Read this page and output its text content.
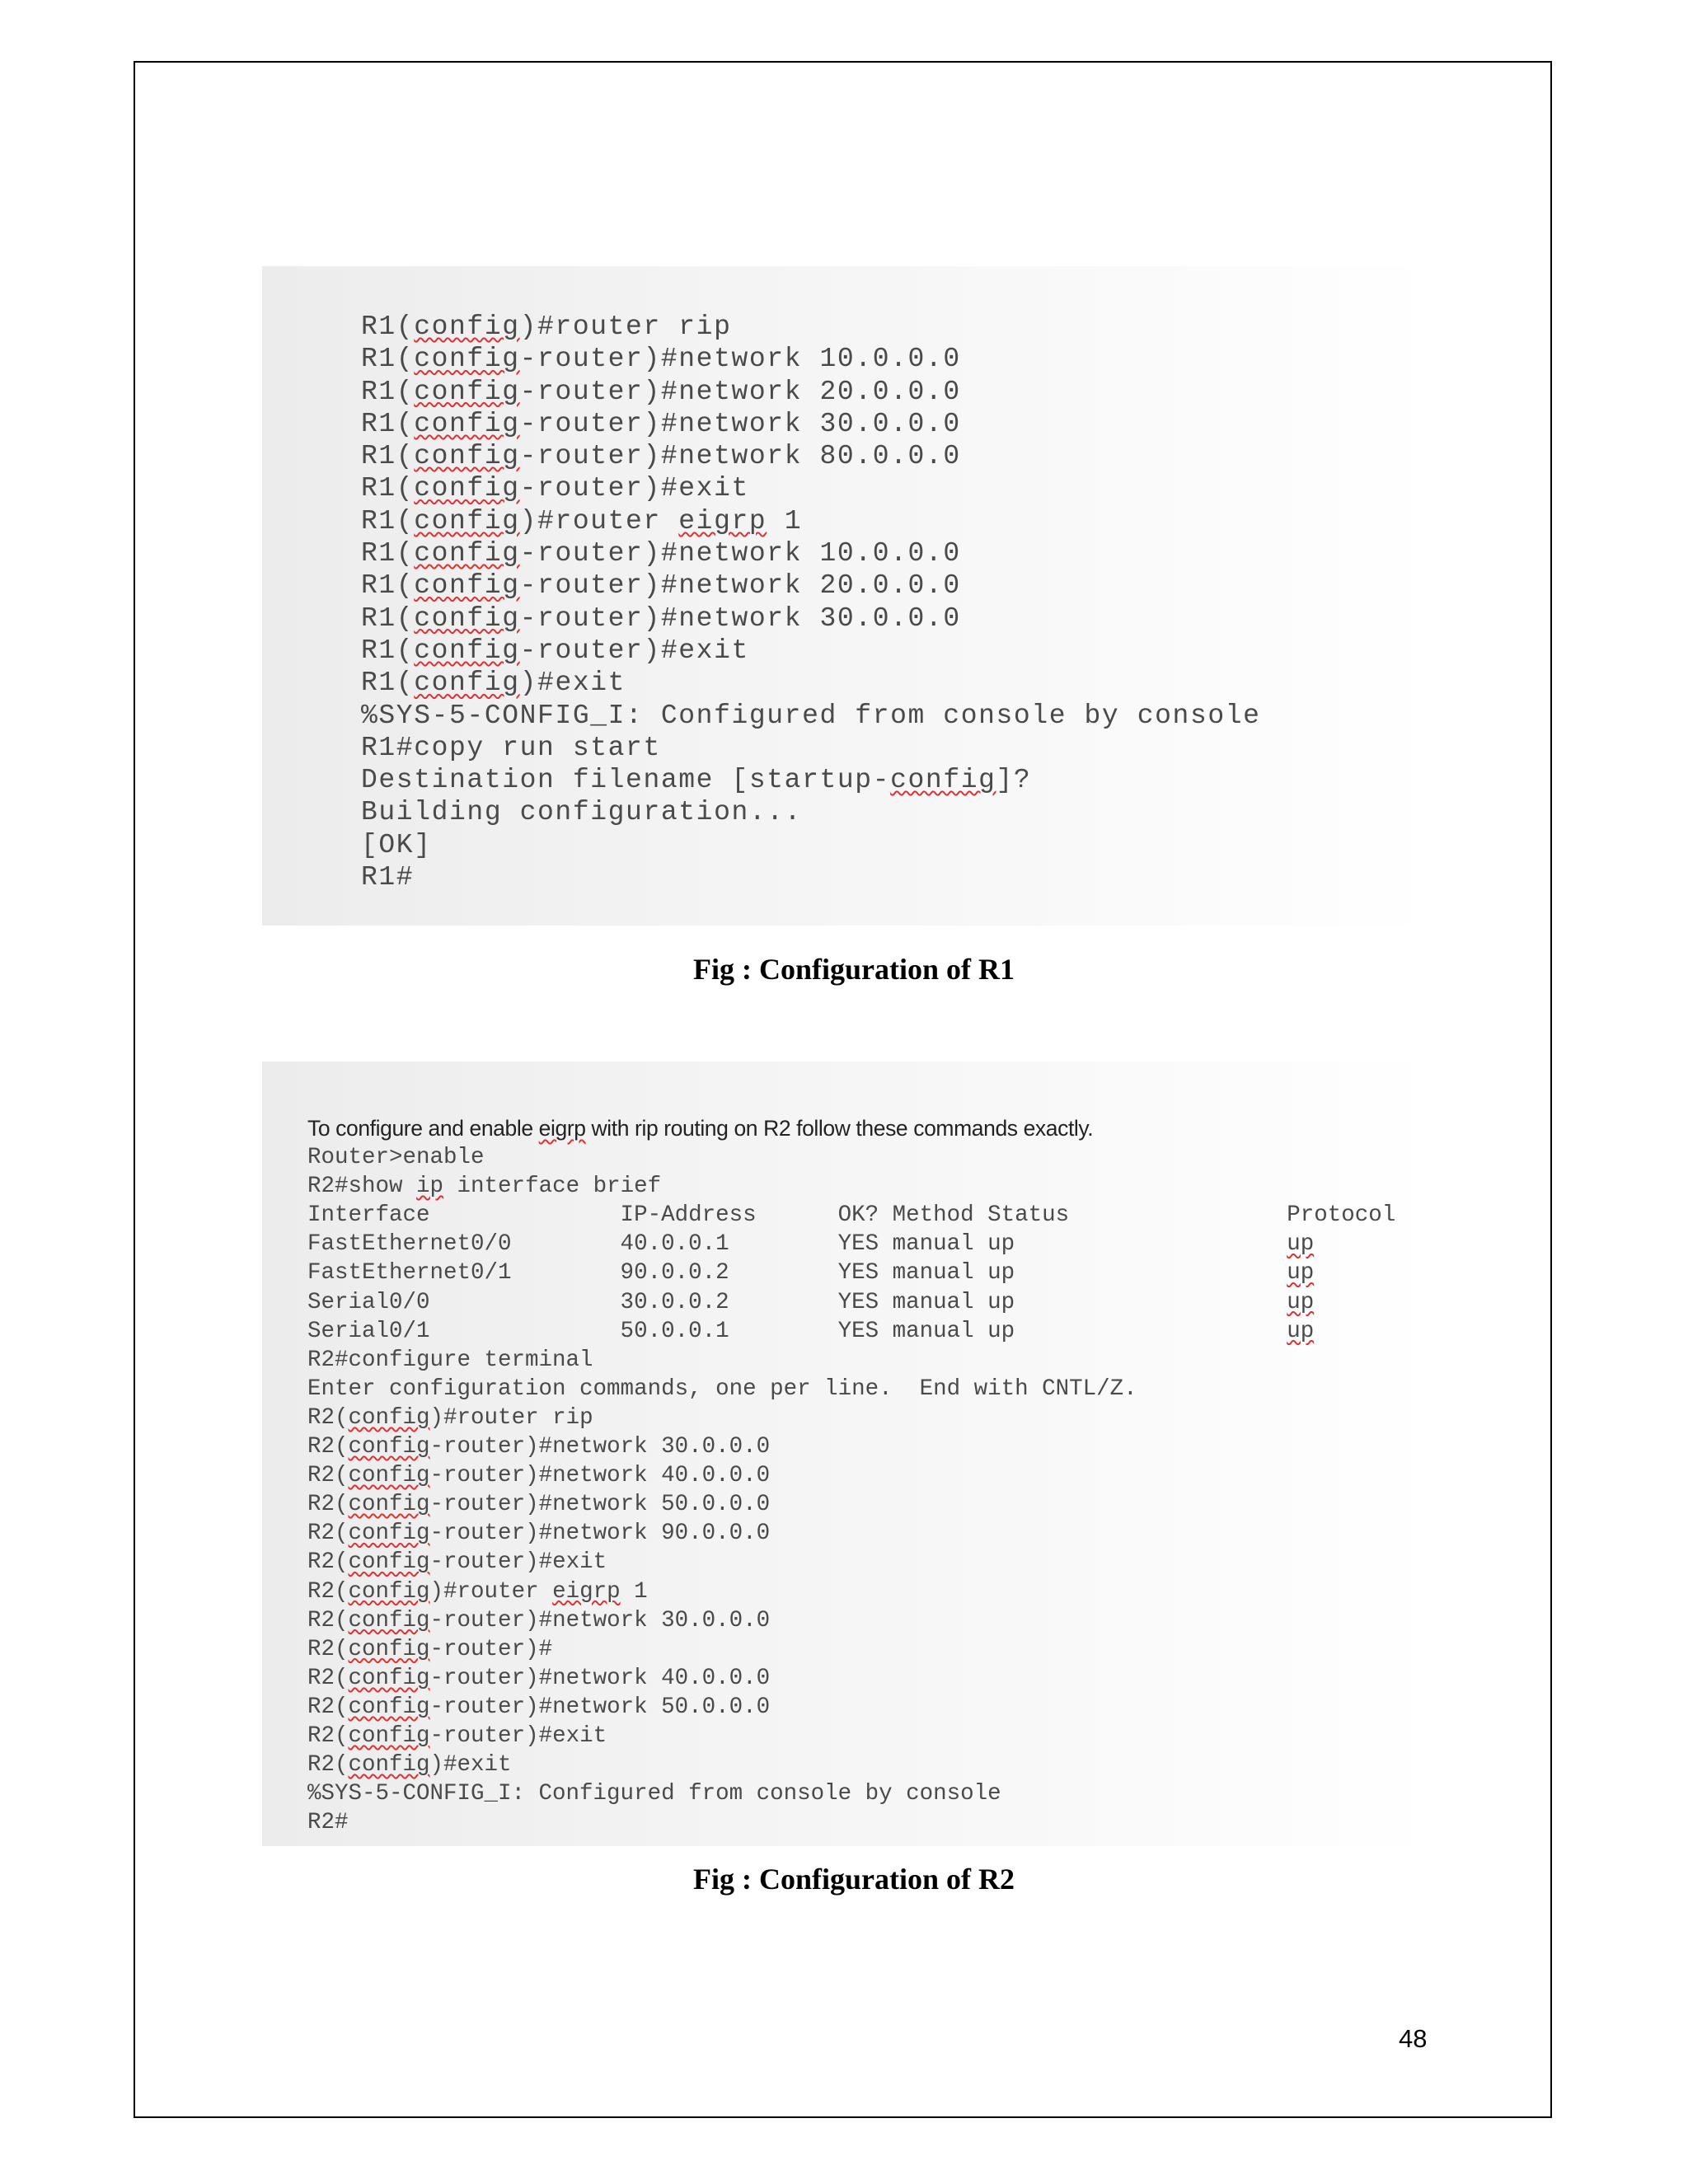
R1(config)#router rip
R1(config-router)#network 10.0.0.0
R1(config-router)#network 20.0.0.0
R1(config-router)#network 30.0.0.0
R1(config-router)#network 80.0.0.0
R1(config-router)#exit
R1(config)#router eigrp 1
R1(config-router)#network 10.0.0.0
R1(config-router)#network 20.0.0.0
R1(config-router)#network 30.0.0.0
R1(config-router)#exit
R1(config)#exit
%SYS-5-CONFIG_I: Configured from console by console
R1#copy run start
Destination filename [startup-config]?
Building configuration...
[OK]
R1#

Fig : Configuration of R1

To configure and enable eigrp with rip routing on R2 follow these commands exactly.
Router>enable
R2#show ip interface brief
Interface              IP-Address      OK? Method Status                Protocol
FastEthernet0/0        40.0.0.1        YES manual up                    up
FastEthernet0/1        90.0.0.2        YES manual up                    up
Serial0/0              30.0.0.2        YES manual up                    up
Serial0/1              50.0.0.1        YES manual up                    up
R2#configure terminal
Enter configuration commands, one per line.  End with CNTL/Z.
R2(config)#router rip
R2(config-router)#network 30.0.0.0
R2(config-router)#network 40.0.0.0
R2(config-router)#network 50.0.0.0
R2(config-router)#network 90.0.0.0
R2(config-router)#exit
R2(config)#router eigrp 1
R2(config-router)#network 30.0.0.0
R2(config-router)#
R2(config-router)#network 40.0.0.0
R2(config-router)#network 50.0.0.0
R2(config-router)#exit
R2(config)#exit
%SYS-5-CONFIG_I: Configured from console by console
R2#

Fig : Configuration of R2

48
